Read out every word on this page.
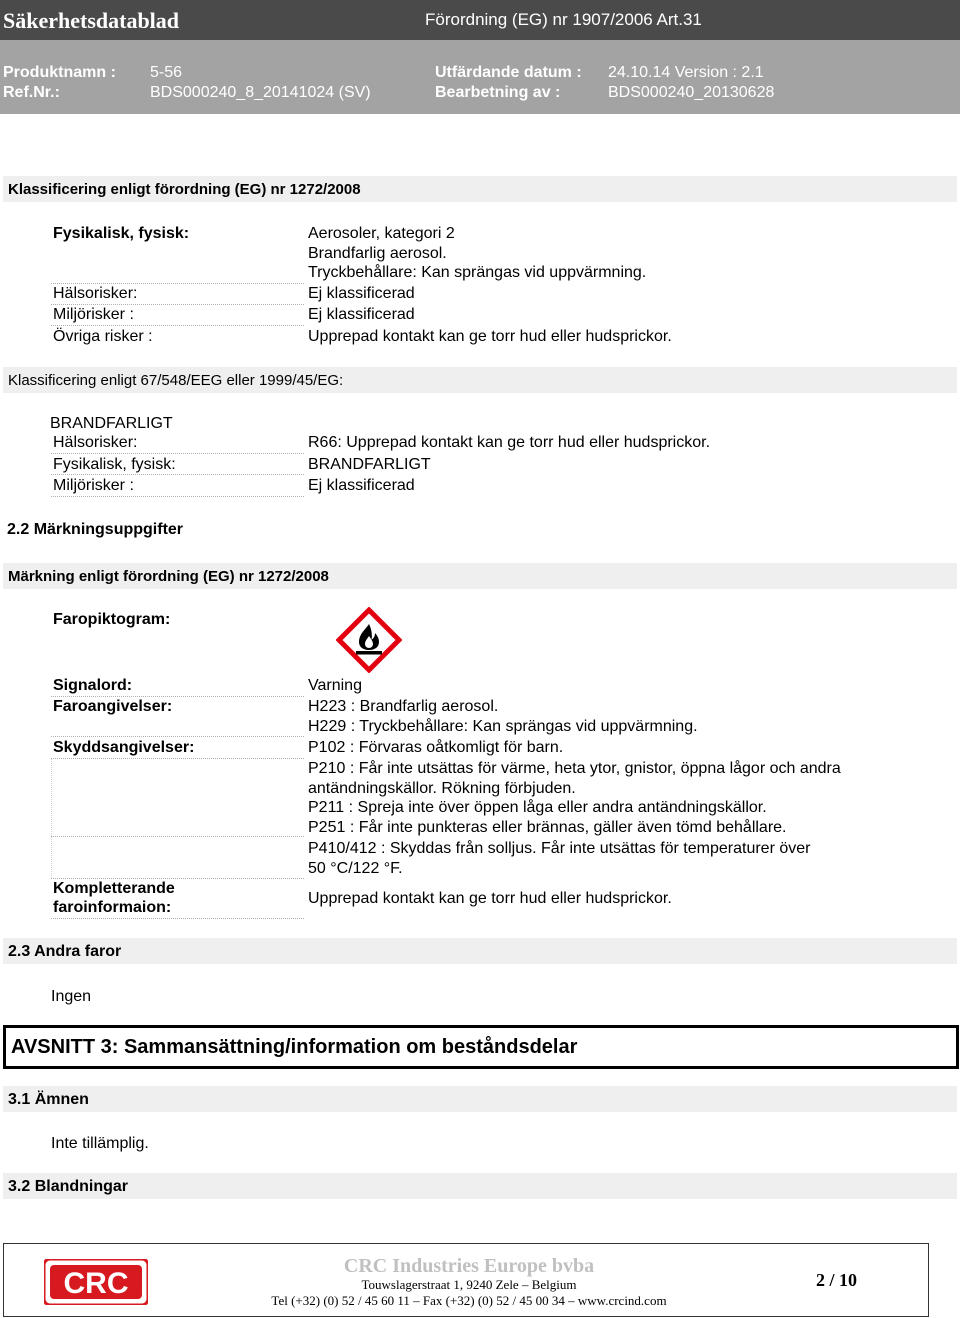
Säkerhetsdatablad	Förordning (EG) nr 1907/2006 Art.31
Produktnamn : 5-56	Utfärdande datum : 24.10.14 Version : 2.1
Ref.Nr.:	BDS000240_8_20141024 (SV)	Bearbetning av :	BDS000240_20130628
Klassificering enligt förordning (EG) nr 1272/2008
Fysikalisk, fysisk:	Aerosoler, kategori 2
Brandfarlig aerosol.
Tryckbehållare: Kan sprängas vid uppvärmning.
Hälsorisker:	Ej klassificerad
Miljörisker :	Ej klassificerad
Övriga risker :	Upprepad kontakt kan ge torr hud eller hudsprickor.
Klassificering enligt 67/548/EEG eller 1999/45/EG:
BRANDFARLIGT
Hälsorisker:	R66: Upprepad kontakt kan ge torr hud eller hudsprickor.
Fysikalisk, fysisk:	BRANDFARLIGT
Miljörisker :	Ej klassificerad
2.2 Märkningsuppgifter
Märkning enligt förordning (EG) nr 1272/2008
Faropiktogram:
Signalord:	Varning
Faroangivelser:	H223 : Brandfarlig aerosol.
H229 : Tryckbehållare: Kan sprängas vid uppvärmning.
Skyddsangivelser:	P102 : Förvaras oåtkomligt för barn.
P210 : Får inte utsättas för värme, heta ytor, gnistor, öppna lågor och andra
antändningskällor. Rökning förbjuden.
P211 : Spreja inte över öppen låga eller andra antändningskällor.
P251 : Får inte punkteras eller brännas, gäller även tömd behållare.
P410/412 : Skyddas från solljus. Får inte utsättas för temperaturer över
50 °C/122 °F.
Kompletterande
faroinformaion:
Upprepad kontakt kan ge torr hud eller hudsprickor.
2.3 Andra faror
Ingen
AVSNITT 3: Sammansättning/information om beståndsdelar
3.1 Ämnen
Inte tillämplig.
3.2 Blandningar
CRC
CRC Industries Europe bvba
Touwslagerstraat 1, 9240 Zele – Belgium
Tel (+32) (0) 52 / 45 60 11 – Fax (+32) (0) 52 / 45 00 34 – www.crcind.com
2 / 10
